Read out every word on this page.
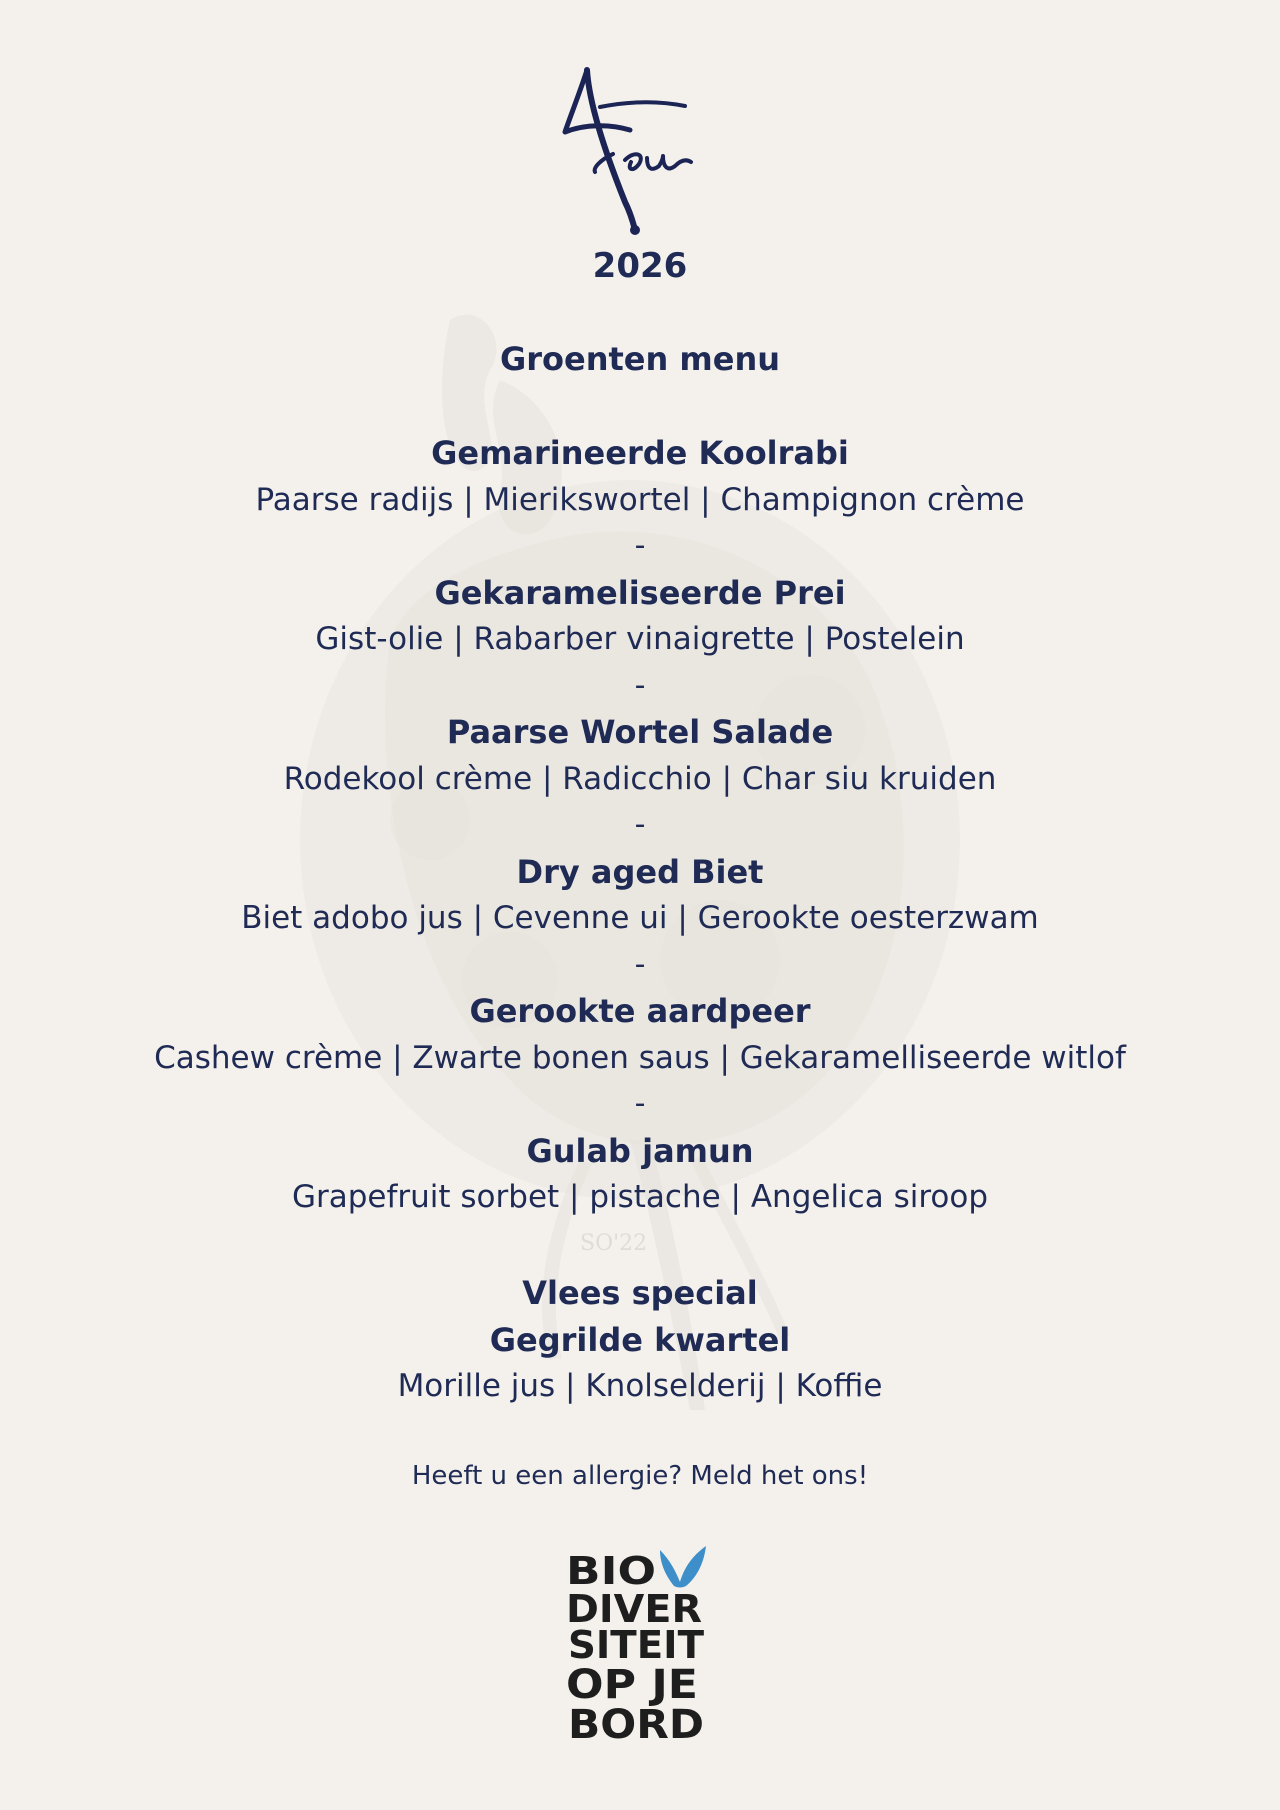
SO'22
2026
Groenten menu
Gemarineerde Koolrabi
Paarse radijs | Mierikswortel | Champignon crème
-
Gekarameliseerde Prei
Gist-olie | Rabarber vinaigrette | Postelein
-
Paarse Wortel Salade
Rodekool crème | Radicchio | Char siu kruiden
-
Dry aged Biet
Biet adobo jus | Cevenne ui | Gerookte oesterzwam
-
Gerookte aardpeer
Cashew crème | Zwarte bonen saus | Gekaramelliseerde witlof
-
Gulab jamun
Grapefruit sorbet | pistache | Angelica siroop
Vlees special
Gegrilde kwartel
Morille jus | Knolselderij | Koffie
Heeft u een allergie? Meld het ons!
BIO
DIVER
SITEIT
OP JE
BORD
